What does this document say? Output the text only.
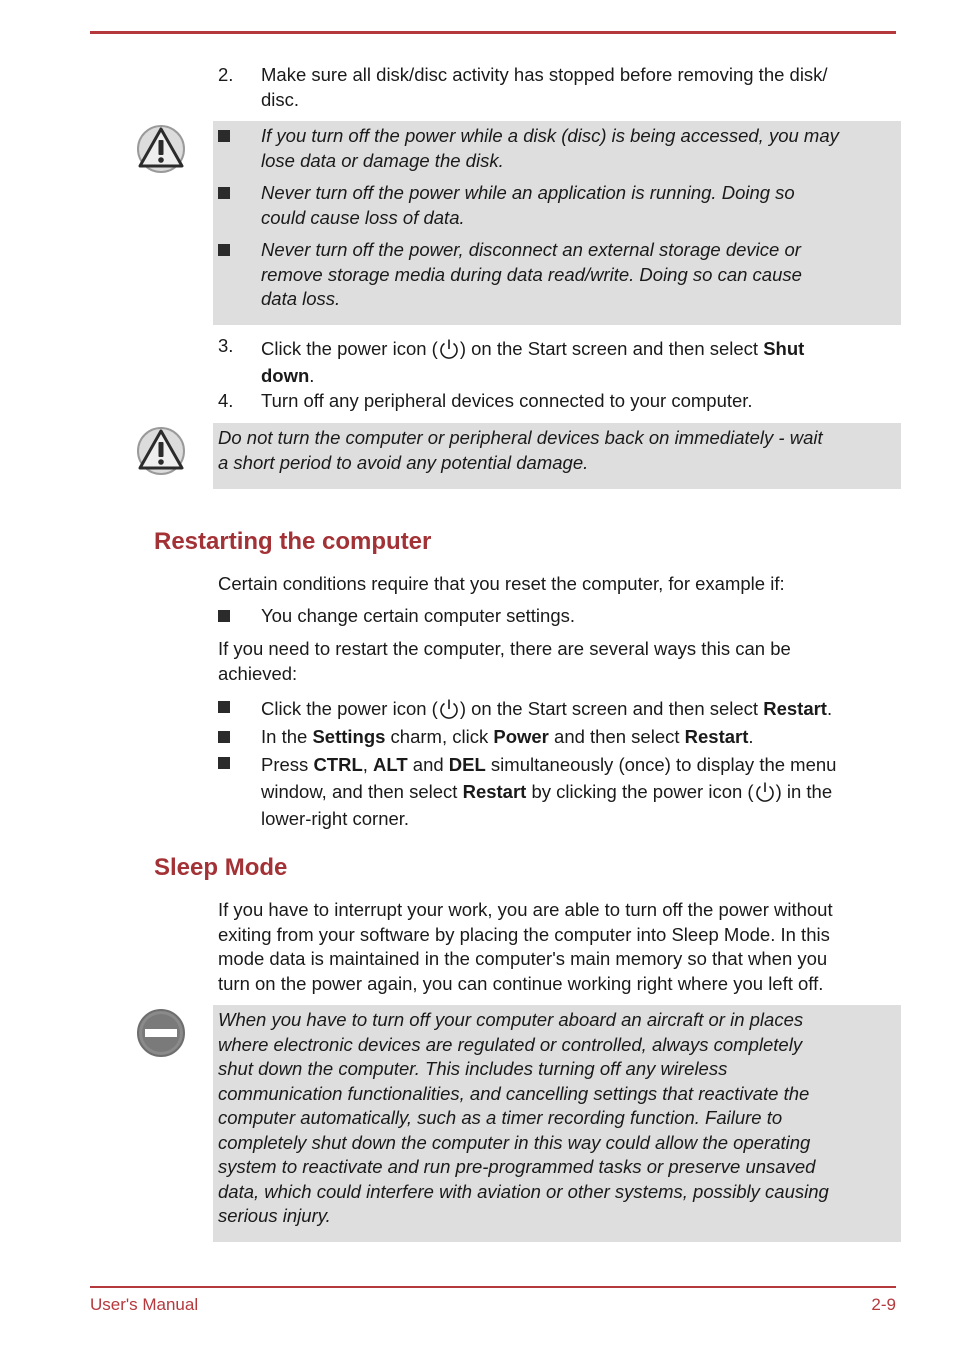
2. Make sure all disk/disc activity has stopped before removing the disk/
disc.
If you turn off the power while a disk (disc) is being accessed, you may
lose data or damage the disk.
Never turn off the power while an application is running. Doing so
could cause loss of data.
Never turn off the power, disconnect an external storage device or
remove storage media during data read/write. Doing so can cause
data loss.
3. Click the power icon ( ) on the Start screen and then select Shut
down.
4. Turn off any peripheral devices connected to your computer.
Do not turn the computer or peripheral devices back on immediately - wait
a short period to avoid any potential damage.
Restarting the computer
Certain conditions require that you reset the computer, for example if:
You change certain computer settings.
If you need to restart the computer, there are several ways this can be
achieved:
Click the power icon ( ) on the Start screen and then select Restart.
In the Settings charm, click Power and then select Restart.
Press CTRL, ALT and DEL simultaneously (once) to display the menu
window, and then select Restart by clicking the power icon ( ) in the
lower-right corner.
Sleep Mode
If you have to interrupt your work, you are able to turn off the power without
exiting from your software by placing the computer into Sleep Mode. In this
mode data is maintained in the computer's main memory so that when you
turn on the power again, you can continue working right where you left off.
When you have to turn off your computer aboard an aircraft or in places
where electronic devices are regulated or controlled, always completely
shut down the computer. This includes turning off any wireless
communication functionalities, and cancelling settings that reactivate the
computer automatically, such as a timer recording function. Failure to
completely shut down the computer in this way could allow the operating
system to reactivate and run pre-programmed tasks or preserve unsaved
data, which could interfere with aviation or other systems, possibly causing
serious injury.
User's Manual	2-9
